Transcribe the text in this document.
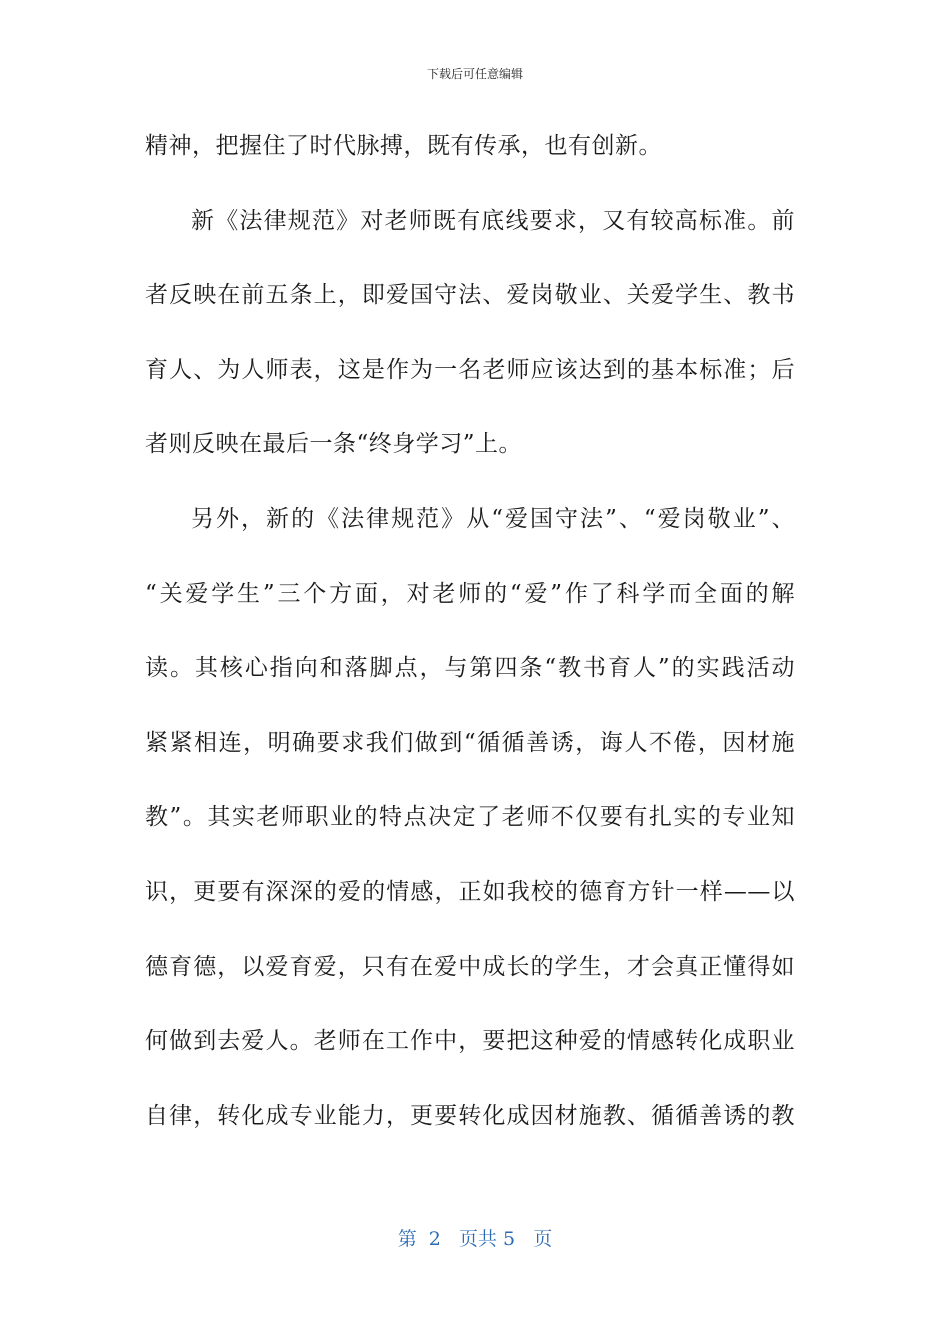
下载后可任意编辑
精神，把握住了时代脉搏，既有传承，也有创新。
新《法律规范》对老师既有底线要求，又有较高标准。前
者反映在前五条上，即爱国守法、爱岗敬业、关爱学生、教书
育人、为人师表，这是作为一名老师应该达到的基本标准；后
者则反映在最后一条“终身学习”上。
另外，新的《法律规范》从“爱国守法”、“爱岗敬业”、
“关爱学生”三个方面，对老师的“爱”作了科学而全面的解
读。其核心指向和落脚点，与第四条“教书育人”的实践活动
紧紧相连，明确要求我们做到“循循善诱，诲人不倦，因材施
教”。其实老师职业的特点决定了老师不仅要有扎实的专业知
识，更要有深深的爱的情感，正如我校的德育方针一样——以
德育德，以爱育爱，只有在爱中成长的学生，才会真正懂得如
何做到去爱人。老师在工作中，要把这种爱的情感转化成职业
自律，转化成专业能力，更要转化成因材施教、循循善诱的教
第  2   页共 5   页
